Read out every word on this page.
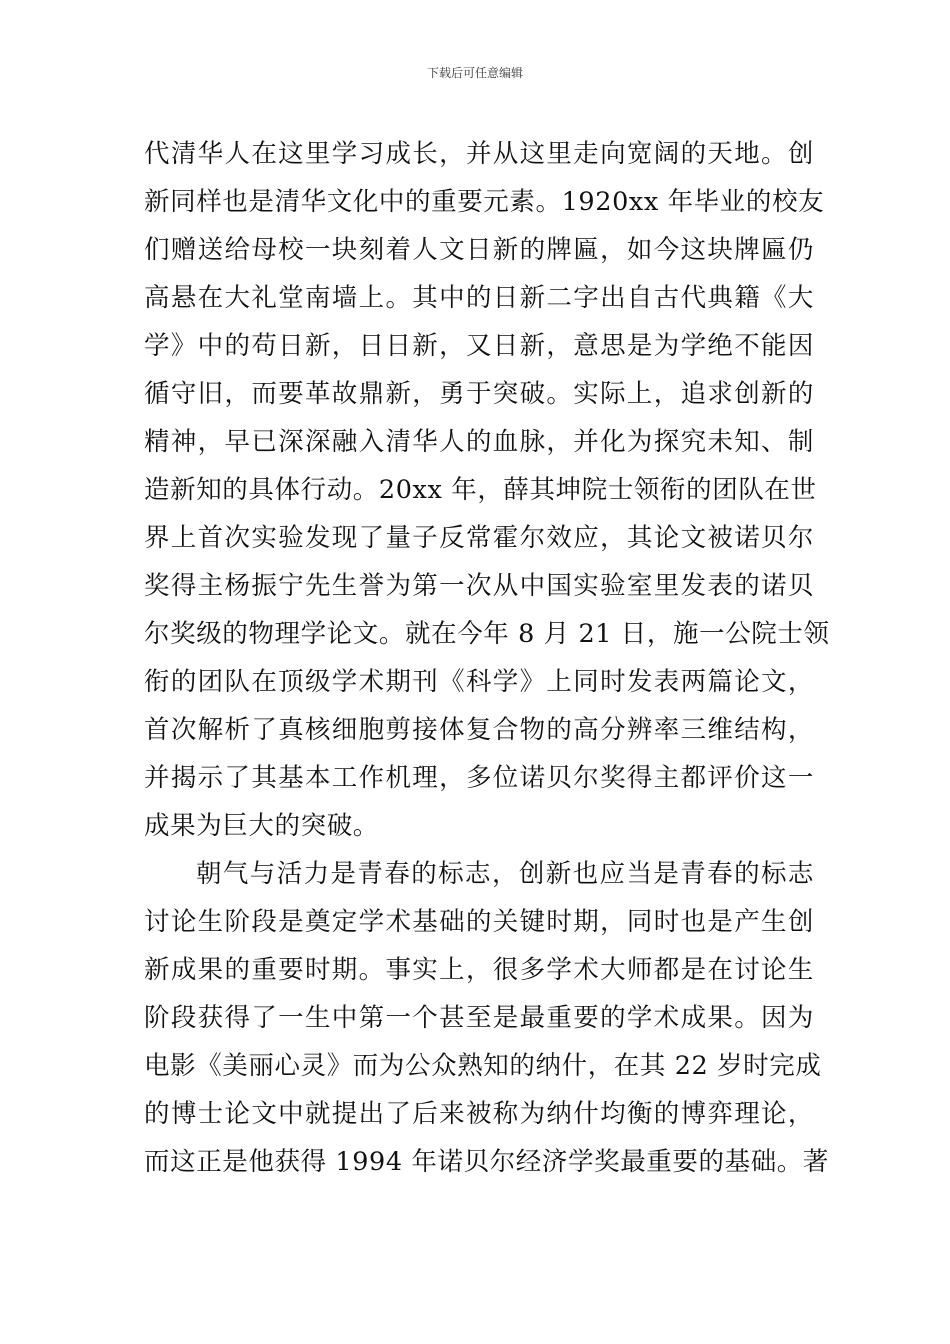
下载后可任意编辑
代清华人在这里学习成长，并从这里走向宽阔的天地。创
新同样也是清华文化中的重要元素。1920xx 年毕业的校友
们赠送给母校一块刻着人文日新的牌匾，如今这块牌匾仍
高悬在大礼堂南墙上。其中的日新二字出自古代典籍《大
学》中的苟日新，日日新，又日新，意思是为学绝不能因
循守旧，而要革故鼎新，勇于突破。实际上，追求创新的
精神，早已深深融入清华人的血脉，并化为探究未知、制
造新知的具体行动。20xx 年，薛其坤院士领衔的团队在世
界上首次实验发现了量子反常霍尔效应，其论文被诺贝尔
奖得主杨振宁先生誉为第一次从中国实验室里发表的诺贝
尔奖级的物理学论文。就在今年 8 月 21 日，施一公院士领
衔的团队在顶级学术期刊《科学》上同时发表两篇论文，
首次解析了真核细胞剪接体复合物的高分辨率三维结构，
并揭示了其基本工作机理，多位诺贝尔奖得主都评价这一
成果为巨大的突破。
朝气与活力是青春的标志，创新也应当是青春的标志
讨论生阶段是奠定学术基础的关键时期，同时也是产生创
新成果的重要时期。事实上，很多学术大师都是在讨论生
阶段获得了一生中第一个甚至是最重要的学术成果。因为
电影《美丽心灵》而为公众熟知的纳什，在其 22 岁时完成
的博士论文中就提出了后来被称为纳什均衡的博弈理论，
而这正是他获得 1994 年诺贝尔经济学奖最重要的基础。著
